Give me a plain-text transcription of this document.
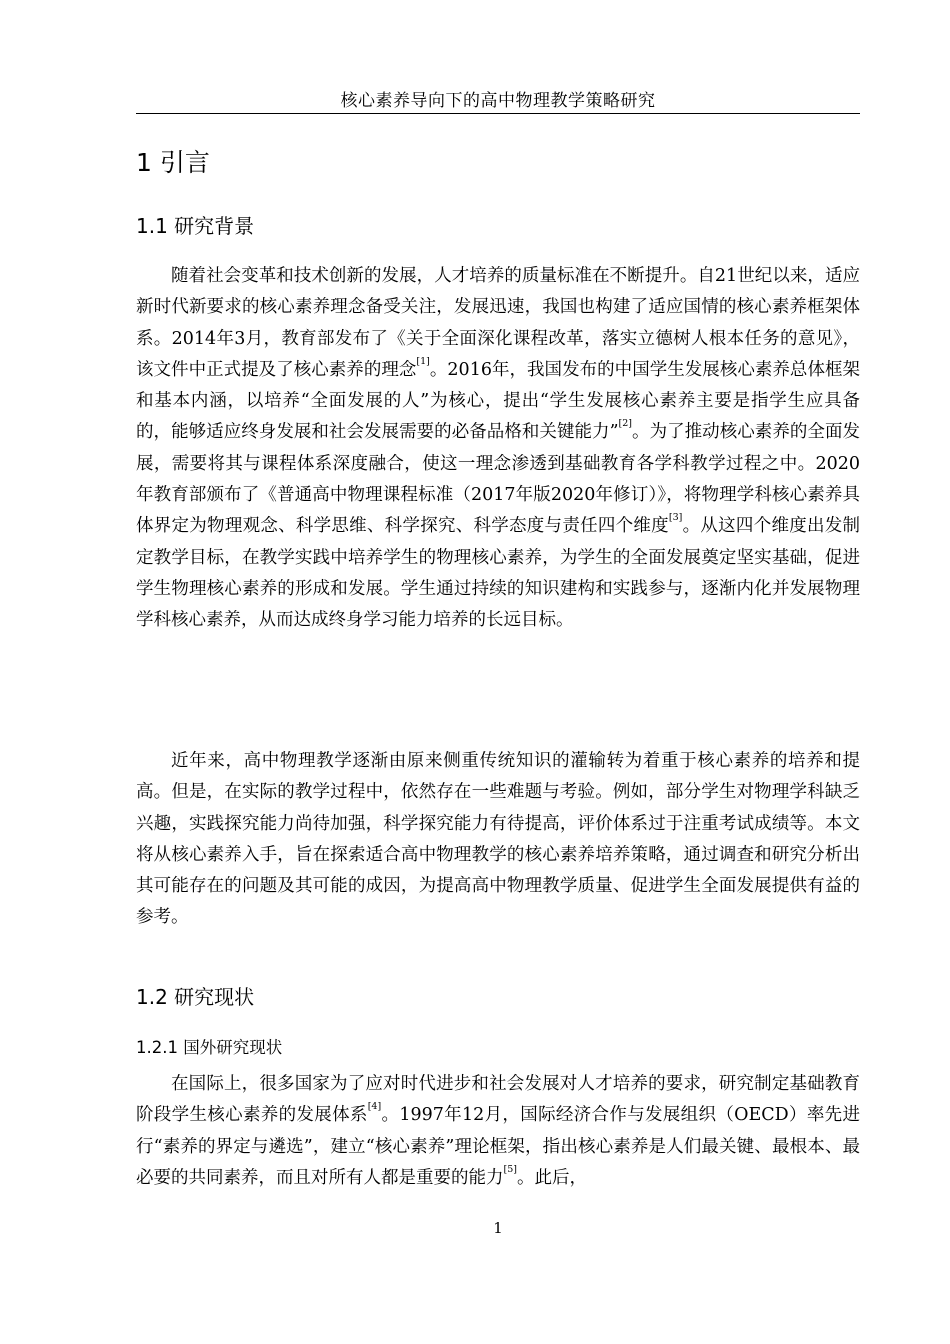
核心素养导向下的高中物理教学策略研究
1 引言
1.1 研究背景

随着社会变革和技术创新的发展，人才培养的质量标准在不断提升。自21世纪以来，适应新时代新要求的核心素养理念备受关注，发展迅速，我国也构建了适应国情的核心素养框架体系。2014年3月，教育部发布了《关于全面深化课程改革，落实立德树人根本任务的意见》，该文件中正式提及了核心素养的理念[1]。2016年，我国发布的中国学生发展核心素养总体框架和基本内涵，以培养“全面发展的人”为核心，提出“学生发展核心素养主要是指学生应具备的，能够适应终身发展和社会发展需要的必备品格和关键能力”[2]。为了推动核心素养的全面发展，需要将其与课程体系深度融合，使这一理念渗透到基础教育各学科教学过程之中。2020年教育部颁布了《普通高中物理课程标准（2017年版2020年修订）》，将物理学科核心素养具体界定为物理观念、科学思维、科学探究、科学态度与责任四个维度[3]。从这四个维度出发制定教学目标，在教学实践中培养学生的物理核心素养，为学生的全面发展奠定坚实基础，促进学生物理核心素养的形成和发展。学生通过持续的知识建构和实践参与，逐渐内化并发展物理学科核心素养，从而达成终身学习能力培养的长远目标。

近年来，高中物理教学逐渐由原来侧重传统知识的灌输转为着重于核心素养的培养和提高。但是，在实际的教学过程中，依然存在一些难题与考验。例如，部分学生对物理学科缺乏兴趣，实践探究能力尚待加强，科学探究能力有待提高，评价体系过于注重考试成绩等。本文将从核心素养入手，旨在探索适合高中物理教学的核心素养培养策略，通过调查和研究分析出其可能存在的问题及其可能的成因，为提高高中物理教学质量、促进学生全面发展提供有益的参考。

1.2 研究现状
1.2.1 国外研究现状

在国际上，很多国家为了应对时代进步和社会发展对人才培养的要求，研究制定基础教育阶段学生核心素养的发展体系[4]。1997年12月，国际经济合作与发展组织（OECD）率先进行“素养的界定与遴选”，建立“核心素养”理论框架，指出核心素养是人们最关键、最根本、最必要的共同素养，而且对所有人都是重要的能力[5]。此后，

1
